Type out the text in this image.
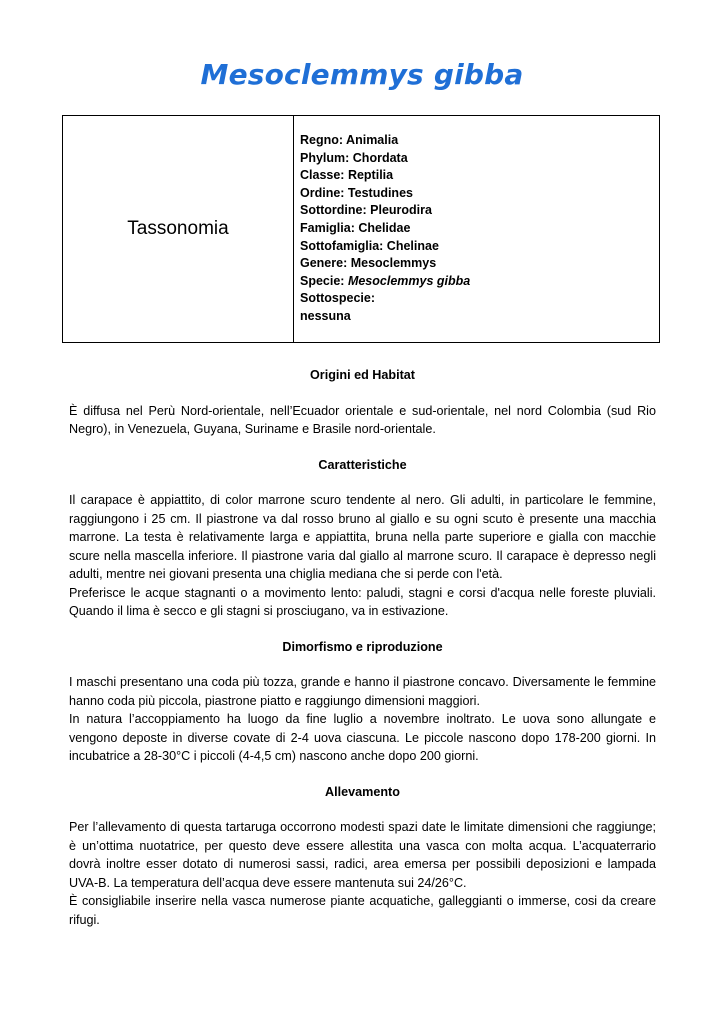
Mesoclemmys gibba
Tassonomia
Regno: Animalia
Phylum: Chordata
Classe: Reptilia
Ordine: Testudines
Sottordine: Pleurodira
Famiglia: Chelidae
Sottofamiglia: Chelinae
Genere: Mesoclemmys
Specie: Mesoclemmys gibba
Sottospecie:
nessuna

Origini ed Habitat

È diffusa nel Perù Nord-orientale, nell’Ecuador orientale e sud-orientale, nel nord Colombia (sud Rio Negro), in Venezuela, Guyana, Suriname e Brasile nord-orientale.

Caratteristiche

Il carapace è appiattito, di color marrone scuro tendente al nero. Gli adulti, in particolare le femmine, raggiungono i 25 cm. Il piastrone va dal rosso bruno al giallo e su ogni scuto è presente una macchia marrone. La testa è relativamente larga e appiattita, bruna nella parte superiore e gialla con macchie scure nella mascella inferiore. Il piastrone varia dal giallo al marrone scuro. Il carapace è depresso negli adulti, mentre nei giovani presenta una chiglia mediana che si perde con l'età.

Preferisce le acque stagnanti o a movimento lento: paludi, stagni e corsi d'acqua nelle foreste pluviali. Quando il lima è secco e gli stagni si prosciugano, va in estivazione.

Dimorfismo e riproduzione

I maschi presentano una coda più tozza, grande e hanno il piastrone concavo. Diversamente le femmine hanno coda più piccola, piastrone piatto e raggiungo dimensioni maggiori.

In natura l’accoppiamento ha luogo da fine luglio a novembre inoltrato. Le uova sono allungate e vengono deposte in diverse covate di 2-4 uova ciascuna. Le piccole nascono dopo 178-200 giorni. In incubatrice a 28-30°C i piccoli (4-4,5 cm) nascono anche dopo 200 giorni.

Allevamento

Per l’allevamento di questa tartaruga occorrono modesti spazi date le limitate dimensioni che raggiunge; è un’ottima nuotatrice, per questo deve essere allestita una vasca con molta acqua. L’acquaterrario dovrà inoltre esser dotato di numerosi sassi, radici, area emersa per possibili deposizioni e lampada UVA-B. La temperatura dell’acqua deve essere mantenuta sui 24/26°C.

È consigliabile inserire nella vasca numerose piante acquatiche, galleggianti o immerse, cosi da creare rifugi.
